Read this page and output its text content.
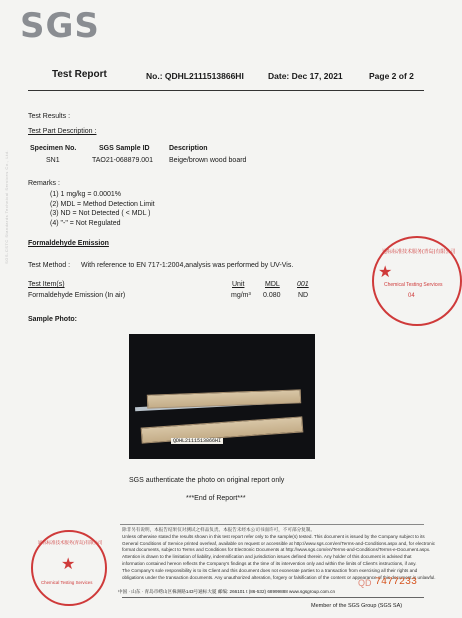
SGS
Test Report	No.: QDHL2111513866HI	Date: Dec 17, 2021	Page 2 of 2
Test Results :
Test Part Description :
Specimen No.	SGS Sample ID	Description
SN1	TAO21-068879.001 Beige/brown wood board
Remarks :
(1) 1 mg/kg = 0.0001%
(2) MDL = Method Detection Limit
(3) ND = Not Detected ( < MDL )
(4) "-" = Not Regulated
Formaldehyde Emission
Test Method : With reference to EN 717-1:2004,analysis was performed by UV-Vis.
Test Item(s)	Unit	MDL 001
Formaldehyde Emission (In air)	mg/m³ 0.080 ND
Sample Photo:
QDHL2111513866HI
SGS authenticate the photo on original report only
***End of Report***
通标标准技术服务(青岛)有限公司
★
Chemical Testing Services
04
除非另有说明，本报告结果仅对测试之样品负责。本报告未经本公司书面许可，不可部分复制。
Unless otherwise stated the results shown in this test report refer only to the sample(s) tested. This document is issued by the Company subject to its
General Conditions of Service printed overleaf, available on request or accessible at http://www.sgs.com/en/Terms-and-Conditions.aspx and, for electronic
format documents, subject to Terms and Conditions for Electronic Documents at http://www.sgs.com/en/Terms-and-Conditions/Terms-e-Document.aspx.
Attention is drawn to the limitation of liability, indemnification and jurisdiction issues defined therein. Any holder of this document is advised that
information contained hereon reflects the Company's findings at the time of its intervention only and within the limits of Client's instructions, if any.
The Company's sole responsibility is to its Client and this document does not exonerate parties to a transaction from exercising all their rights and
obligations under the transaction documents. Any unauthorized alteration, forgery or falsification of the content or appearance of this document is unlawful.
QD 7477233
中国 · 山东 · 青岛市崂山区株洲路143号通标大厦 邮编: 266101 t (86-532) 68999888 www.sgsgroup.com.cn
Member of the SGS Group (SGS SA)
通标标准技术服务(青岛)有限公司
★
Chemical Testing Services
SGS-CSTC Standards Technical Services Co., Ltd.
